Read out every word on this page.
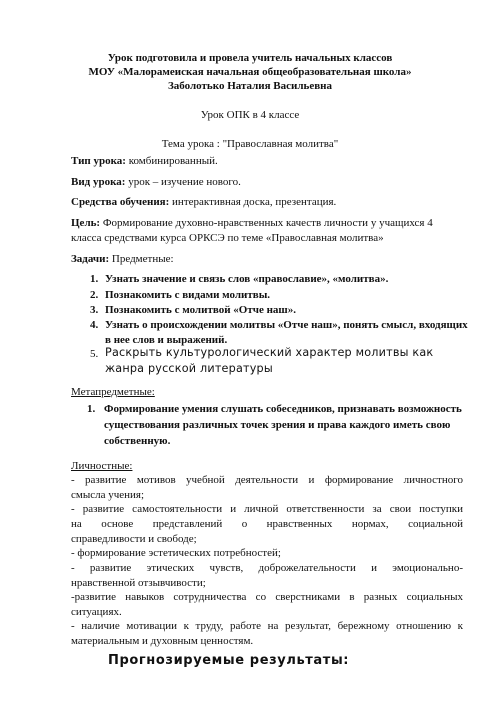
Урок подготовила и провела учитель начальных классов
МОУ «Малорамеиская начальная общеобразовательная школа»
Заболотько Наталия Васильевна
Урок ОПК в 4 классе
Тема урока : "Православная молитва"
Тип урока: комбинированный.
Вид урока: урок – изучение нового.
Средства обучения: интерактивная доска, презентация.
Цель: Формирование духовно-нравственных качеств личности у учащихся 4
класса средствами курса ОРКСЭ по теме «Православная молитва»
Задачи: Предметные:
1. Узнать значение и связь слов «православие», «молитва».
2. Познакомить с видами молитвы.
3. Познакомить с молитвой «Отче наш».
4. Узнать о происхождении молитвы «Отче наш», понять смысл, входящих
в нее слов и выражений.
5. Раскрыть культурологический характер молитвы как
жанра русской литературы
Метапредметные:
1. Формирование умения слушать собеседников, признавать возможность
существования различных точек зрения и права каждого иметь свою
собственную.
Личностные:
- развитие мотивов учебной деятельности и формирование личностного
смысла учения;
- развитие самостоятельности и личной ответственности за свои поступки
на основе представлений о нравственных нормах, социальной
справедливости и свободе;
- формирование эстетических потребностей;
- развитие этических чувств, доброжелательности и эмоционально-
нравственной отзывчивости;
-развитие навыков сотрудничества со сверстниками в разных социальных
ситуациях.
- наличие мотивации к труду, работе на результат, бережному отношению к
материальным и духовным ценностям.
Прогнозируемые результаты:
